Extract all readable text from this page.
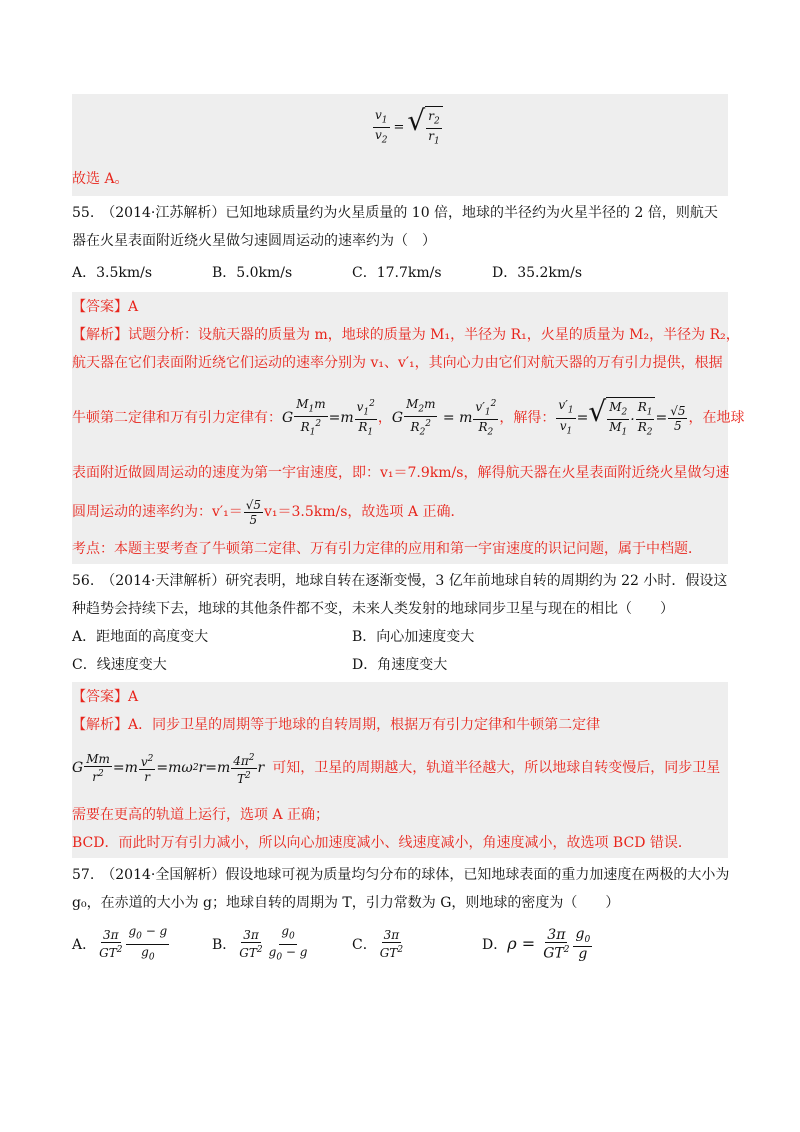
$\frac{v_1}{v_2}$ = √ $\frac{r_2}{r_1}$
故选 A。
55.　（2014·江苏解析）已知地球质量约为火星质量的 10 倍，地球的半径约为火星半径的 2 倍，则航天
器在火星表面附近绕火星做匀速圆周运动的速率约为（　）
A．3.5km/s	B．5.0km/s	C．17.7km/s	D．35.2km/s
【答案】A
【解析】试题分析：设航天器的质量为 m，地球的质量为 M₁，半径为 R₁，火星的质量为 M₂，半径为 R₂，
航天器在它们表面附近绕它们运动的速率分别为 v₁、v′₁，其向心力由它们对航天器的万有引力提供，根据
牛顿第二定律和万有引力定律有： G $\frac{M_1m}{R_1^2} =m \frac{v_1^2}{R_1}$ ， G $\frac{M_2m}{R_2^2} = m \frac{v'_1^2}{R_2}$ ，解得： $\frac{v'_1}{v_1}$ = √ $\frac{M_2}{M_1} \cdot \frac{R_1}{R_2} = \frac{√5}{5}$ ，在地球
表面附近做圆周运动的速度为第一宇宙速度，即：v₁＝7.9km/s，解得航天器在火星表面附近绕火星做匀速
圆周运动的速率约为：$v'_1= \frac{√5}{5} v_1=3.5km/s$，故选项 A 正确．
考点：本题主要考查了牛顿第二定律、万有引力定律的应用和第一宇宙速度的识记问题，属于中档题．
56.　（2014·天津解析）研究表明，地球自转在逐渐变慢，3 亿年前地球自转的周期约为 22 小时．假设这
种趋势会持续下去，地球的其他条件都不变，未来人类发射的地球同步卫星与现在的相比（　　）
A．距地面的高度变大	B．向心加速度变大
C．线速度变大	D．角速度变大
【答案】A
【解析】A．同步卫星的周期等于地球的自转周期，根据万有引力定律和牛顿第二定律
G $\frac{Mm}{r^2} =m \frac{v^2}{r} =m\omega$ 2 $r=m \frac{4\pi^2}{T^2}$ r 可知，卫星的周期越大，轨道半径越大，所以地球自转变慢后，同步卫星
需要在更高的轨道上运行，选项 A 正确；
BCD．而此时万有引力减小，所以向心加速度减小、线速度减小，角速度减小，故选项 BCD 错误．
57.　（2014·全国解析）假设地球可视为质量均匀分布的球体，已知地球表面的重力加速度在两极的大小为
g₀，在赤道的大小为 g；地球自转的周期为 T，引力常数为 G，则地球的密度为（　　）
A． $\frac{3\pi}{GT^2} \frac{g_0 - g}{g_0}$	B． $\frac{3\pi}{GT^2} \frac{g_0}{g_0 - g}$	C． $\frac{3\pi}{GT^2}$	D． $\rho = \frac{3\pi}{GT^2} \frac{g_0}{g}$
